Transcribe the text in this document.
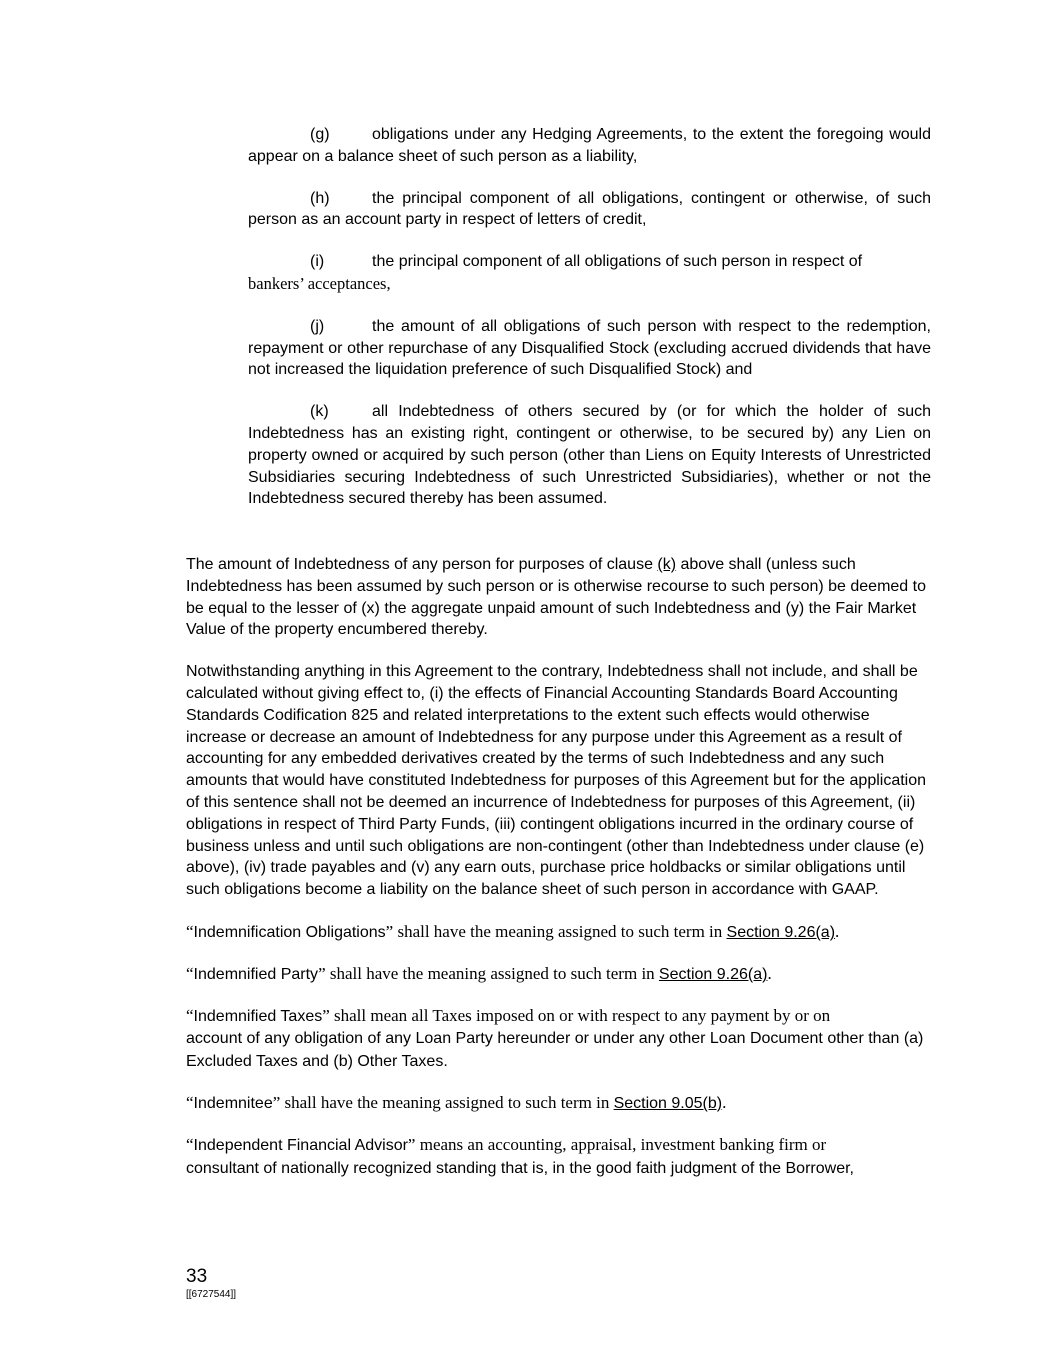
(g)	obligations under any Hedging Agreements, to the extent the foregoing would appear on a balance sheet of such person as a liability,

(h)	the principal component of all obligations, contingent or otherwise, of such person as an account party in respect of letters of credit,

(i)	the principal component of all obligations of such person in respect of
bankers’ acceptances,

(j)	the amount of all obligations of such person with respect to the redemption, repayment or other repurchase of any Disqualified Stock (excluding accrued dividends that have not increased the liquidation preference of such Disqualified Stock) and

(k)	all Indebtedness of others secured by (or for which the holder of such Indebtedness has an existing right, contingent or otherwise, to be secured by) any Lien on property owned or acquired by such person (other than Liens on Equity Interests of Unrestricted Subsidiaries securing Indebtedness of such Unrestricted Subsidiaries), whether or not the Indebtedness secured thereby has been assumed.

The amount of Indebtedness of any person for purposes of clause (k) above shall (unless such Indebtedness has been assumed by such person or is otherwise recourse to such person) be deemed to be equal to the lesser of (x) the aggregate unpaid amount of such Indebtedness and (y) the Fair Market Value of the property encumbered thereby.

Notwithstanding anything in this Agreement to the contrary, Indebtedness shall not include, and shall be calculated without giving effect to, (i) the effects of Financial Accounting Standards Board Accounting Standards Codification 825 and related interpretations to the extent such effects would otherwise increase or decrease an amount of Indebtedness for any purpose under this Agreement as a result of accounting for any embedded derivatives created by the terms of such Indebtedness and any such amounts that would have constituted Indebtedness for purposes of this Agreement but for the application of this sentence shall not be deemed an incurrence of Indebtedness for purposes of this Agreement, (ii) obligations in respect of Third Party Funds, (iii) contingent obligations incurred in the ordinary course of business unless and until such obligations are non-contingent (other than Indebtedness under clause (e) above), (iv) trade payables and (v) any earn outs, purchase price holdbacks or similar obligations until such obligations become a liability on the balance sheet of such person in accordance with GAAP.

“Indemnification Obligations” shall have the meaning assigned to such term in Section 9.26(a).

“Indemnified Party” shall have the meaning assigned to such term in Section 9.26(a).

“Indemnified Taxes” shall mean all Taxes imposed on or with respect to any payment by or on
account of any obligation of any Loan Party hereunder or under any other Loan Document other than (a) Excluded Taxes and (b) Other Taxes.

“Indemnitee” shall have the meaning assigned to such term in Section 9.05(b).

“Independent Financial Advisor” means an accounting, appraisal, investment banking firm or
consultant of nationally recognized standing that is, in the good faith judgment of the Borrower,

33
[[6727544]]
